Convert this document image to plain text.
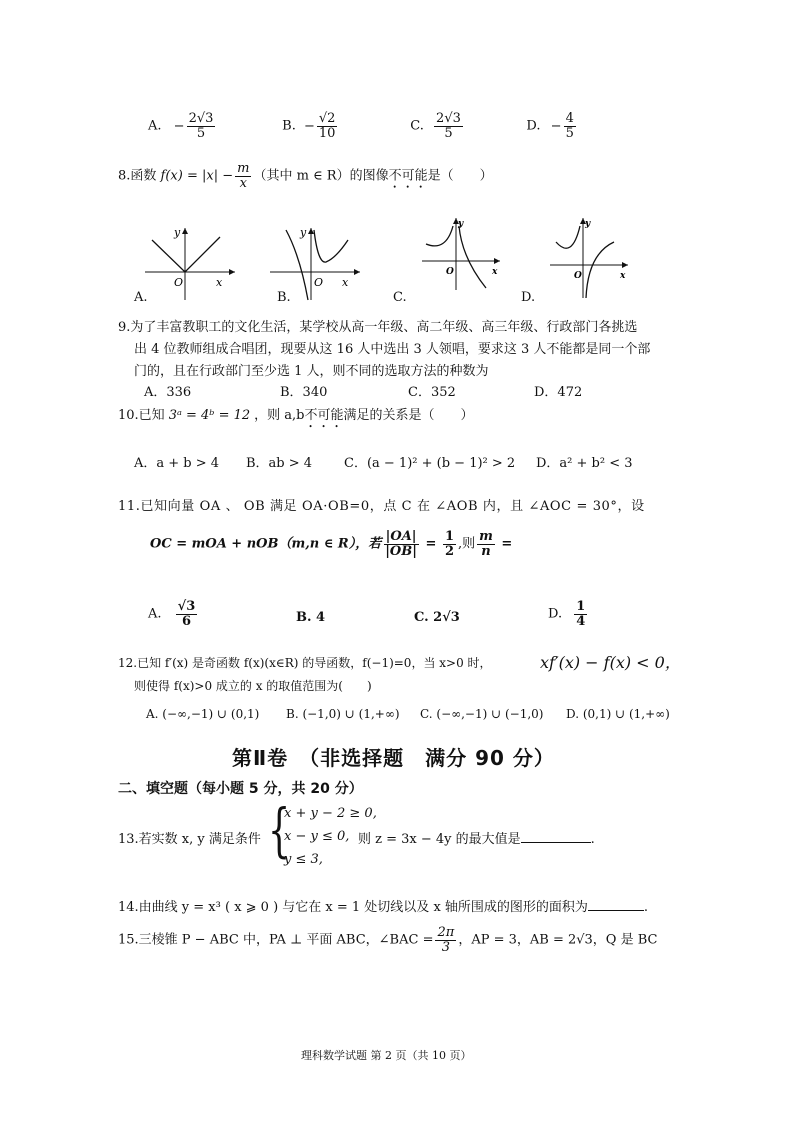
A. − $\frac{2√3}{5}$	B. − $\frac{√2}{10}$	C. $\frac{2√3}{5}$	D. − $\frac{4}{5}$
8.函数 $f(x) = |x| - \frac{m}{x}$ （其中 m ∈ R）的图像不可能是（　　）
y
O	x
A.
y
O x
B.
y
O	x
C.
y
O	x
D.
9.为了丰富教职工的文化生活，某学校从高一年级、高二年级、高三年级、行政部门各挑选
出 4 位教师组成合唱团，现要从这 16 人中选出 3 人领唱，要求这 3 人不能都是同一个部
门的，且在行政部门至少选 1 人，则不同的选取方法的种数为
A．336	B．340	C．352	D．472
10.已知 3ᵃ = 4ᵇ = 12 ，则 a,b不可能满足的关系是（　　）
A．a + b > 4 B．ab > 4 C．(a − 1)² + (b − 1)² > 2 D．a² + b² < 3
11.已知向量 OA 、 OB 满足 OA·OB=0，点 C 在 ∠AOB 内，且 ∠AOC = 30°，设
OC = mOA + nOB（m,n ∈ R），若 $\frac{|OA|}{|OB|} = \frac{1}{2}$ ,则 $\frac{m}{n}$ =
A. $\frac{√3}{6}$	B. 4	C. 2√3	D. $\frac{1}{4}$
12.已知 f′(x) 是奇函数 f(x)(x∈R) 的导函数，f(−1)=0，当 x>0 时，	xf′(x) − f(x) < 0，
则使得 f(x)>0 成立的 x 的取值范围为(　　)
A. (−∞,−1) ∪ (0,1) B. (−1,0) ∪ (1,+∞) C. (−∞,−1) ∪ (−1,0) D. (0,1) ∪ (1,+∞)
第Ⅱ卷　（非选择题　满分 90 分）
二、填空题（每小题 5 分，共 20 分）
13.若实数 x, y 满足条件 {
x + y − 2 ≥ 0,
x − y ≤ 0,
y ≤ 3,
则 z = 3x − 4y 的最大值是	.
14.由曲线 y = x³ ( x ⩾ 0 ) 与它在 x = 1 处切线以及 x 轴所围成的图形的面积为	.
15.三棱锥 P − ABC 中，PA ⊥ 平面 ABC，∠BAC = $\frac{2\pi}{3}$ ，AP = 3，AB = 2√3，Q 是 BC
理科数学试题 第 2 页（共 10 页）
